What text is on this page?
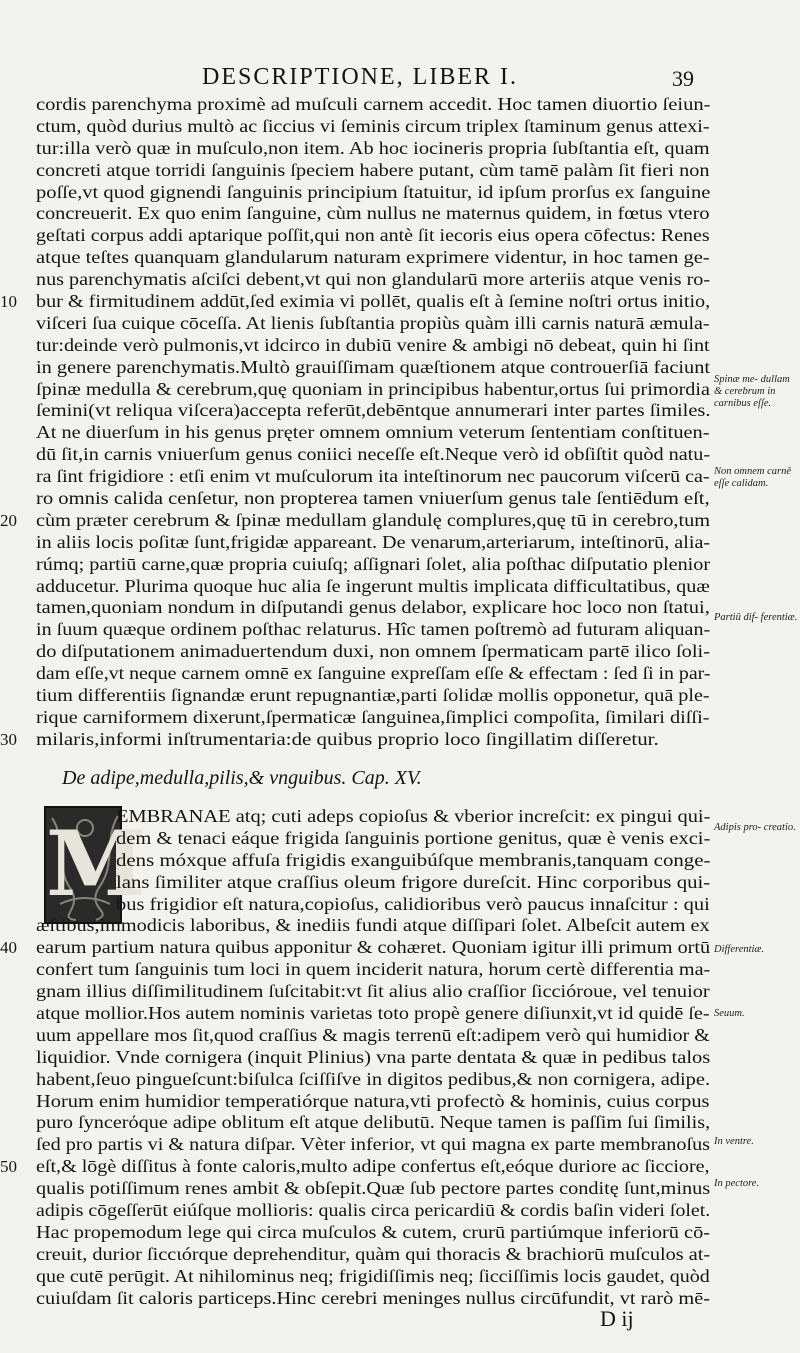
DESCRIPTIONE, LIBER I.	39
cordis parenchyma proximè ad muſculi carnem accedit. Hoc tamen diuortio ſeiun-
ctum, quòd durius multò ac ſiccius vi ſeminis circum triplex ſtaminum genus attexi-
tur:illa verò quæ in muſculo,non item. Ab hoc iocineris propria ſubſtantia eſt, quam
concreti atque torridi ſanguinis ſpeciem habere putant, cùm tamē palàm ſit fieri non
poſſe,vt quod gignendi ſanguinis principium ſtatuitur, id ipſum prorſus ex ſanguine
concreuerit. Ex quo enim ſanguine, cùm nullus ne maternus quidem, in fœtus vtero
geſtati corpus addi aptarique poſſit,qui non antè ſit iecoris eius opera cōfectus: Renes
atque teſtes quanquam glandularum naturam exprimere videntur, in hoc tamen ge-
nus parenchymatis aſciſci debent,vt qui non glandularū more arteriis atque venis ro-
10	bur & firmitudinem addūt,ſed eximia vi pollēt, qualis eſt à ſemine noſtri ortus initio,
viſceri ſua cuique cōceſſa. At lienis ſubſtantia propiùs quàm illi carnis naturā æmula-
tur:deinde verò pulmonis,vt idcirco in dubiū venire & ambigi nō debeat, quin hi ſint
in genere parenchymatis.Multò grauiſſimam quæſtionem atque controuerſiā faciunt
ſpinæ medulla & cerebrum,quę quoniam in principibus habentur,ortus ſui primordia
ſemini(vt reliqua viſcera)accepta referūt,debēntque annumerari inter partes ſimiles.
At ne diuerſum in his genus pręter omnem omnium veterum ſententiam conſtituen-
dū ſit,in carnis vniuerſum genus coniici neceſſe eſt.Neque verò id obſiſtit quòd natu-
ra ſint frigidiore : etſi enim vt muſculorum ita inteſtinorum nec paucorum viſcerū ca-
ro omnis calida cenſetur, non propterea tamen vniuerſum genus tale ſentiēdum eſt,
20	cùm præter cerebrum & ſpinæ medullam glandulę complures,quę tū in cerebro,tum
in aliis locis poſitæ ſunt,frigidæ appareant. De venarum,arteriarum, inteſtinorū, alia-
rúmq; partiū carne,quæ propria cuiuſq; aſſignari ſolet, alia poſthac diſputatio plenior
adducetur. Plurima quoque huc alia ſe ingerunt multis implicata difficultatibus, quæ
tamen,quoniam nondum in diſputandi genus delabor, explicare hoc loco non ſtatui,
in ſuum quæque ordinem poſthac relaturus. Hîc tamen poſtremò ad futuram aliquan-
do diſputationem animaduertendum duxi, non omnem ſpermaticam partē ilico ſoli-
dam eſſe,vt neque carnem omnē ex ſanguine expreſſam eſſe & effectam : ſed ſi in par-
tium differentiis ſignandæ erunt repugnantiæ,parti ſolidæ mollis opponetur, quā ple-
rique carniformem dixerunt,ſpermaticæ ſanguinea,ſimplici compoſita, ſimilari diſſi-
30	milaris,informi inſtrumentaria:de quibus proprio loco ſingillatim diſſeretur.

De adipe,medulla,pilis,& vnguibus. Cap. XV.
M
EMBRANAE atq; cuti adeps copioſus & vberior increſcit: ex pingui qui-
dem & tenaci eáque frigida ſanguinis portione genitus, quæ è venis exci-
dens móxque affuſa frigidis exanguibúſque membranis,tanquam conge-
lans ſimiliter atque craſſius oleum frigore dureſcit. Hinc corporibus qui-
bus frigidior eſt natura,copioſus, calidioribus verò paucus innaſcitur : qui
æſtibus,immodicis laboribus, & inediis fundi atque diſſipari ſolet. Albeſcit autem ex
40	earum partium natura quibus apponitur & cohæret. Quoniam igitur illi primum ortū
confert tum ſanguinis tum loci in quem inciderit natura, horum certè differentia ma-
gnam illius diſſimilitudinem ſuſcitabit:vt ſit alius alio craſſior ſiccióroue, vel tenuior
atque mollior.Hos autem nominis varietas toto propè genere diſiunxit,vt id quidē ſe-
uum appellare mos ſit,quod craſſius & magis terrenū eſt:adipem verò qui humidior &
liquidior. Vnde cornigera (inquit Plinius) vna parte dentata & quæ in pedibus talos
habent,ſeuo pingueſcunt:biſulca ſciſſiſve in digitos pedibus,& non cornigera, adipe.
Horum enim humidior temperatiórque natura,vti profectò & hominis, cuius corpus
puro ſyncerόque adipe oblitum eſt atque delibutū. Neque tamen is paſſim ſui ſimilis,
ſed pro partis vi & natura diſpar. Vèter inferior, vt qui magna ex parte membranoſus
50	eſt,& lōgè diſſitus à fonte caloris,multo adipe confertus eſt,eóque duriore ac ſicciore,
qualis potiſſimum renes ambit & obſepit.Quæ ſub pectore partes conditę ſunt,minus
adipis cōgeſſerūt eiúſque mollioris: qualis circa pericardiū & cordis baſin videri ſolet.
Hac propemodum lege qui circa muſculos & cutem, crurū partiúmque inferiorū cō-
creuit, durior ſiccιórque deprehenditur, quàm qui thoracis & brachiorū muſculos at-
que cutē perūgit. At nihilominus neq; frigidiſſimis neq; ſicciſſimis locis gaudet, quòd
cuiuſdam ſit caloris particeps.Hinc cerebri meninges nullus circūfundit, vt rarò mē-
Spinæ me- dullam & cerebrum in carnibus eſſe.
Non omnem carnē eſſe calidam.
Partiū dif- ferentiæ.
Adipis pro- creatio.
Differentiæ.
Seuum.
In ventre.
In pectore.
D ij
